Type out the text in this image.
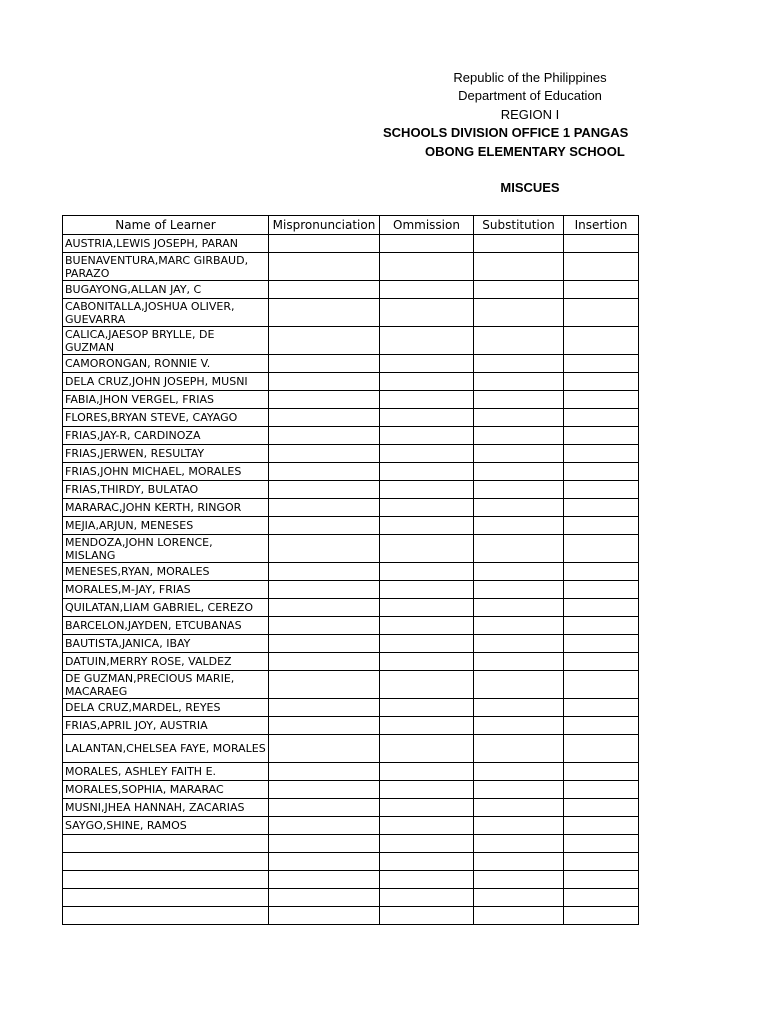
Republic of the Philippines
Department of Education
REGION I
SCHOOLS DIVISION OFFICE 1 PANGAS
OBONG ELEMENTARY SCHOOL
MISCUES
Name of Learner	Mispronunciation	Ommission	Substitution	Insertion
AUSTRIA,LEWIS JOSEPH, PARAN				
BUENAVENTURA,MARC GIRBAUD, PARAZO				
BUGAYONG,ALLAN JAY, C				
CABONITALLA,JOSHUA OLIVER, GUEVARRA				
CALICA,JAESOP BRYLLE, DE GUZMAN				
CAMORONGAN, RONNIE V.				
DELA CRUZ,JOHN JOSEPH, MUSNI				
FABIA,JHON VERGEL, FRIAS				
FLORES,BRYAN STEVE, CAYAGO				
FRIAS,JAY-R, CARDINOZA				
FRIAS,JERWEN, RESULTAY				
FRIAS,JOHN MICHAEL, MORALES				
FRIAS,THIRDY, BULATAO				
MARARAC,JOHN KERTH, RINGOR				
MEJIA,ARJUN, MENESES				
MENDOZA,JOHN LORENCE, MISLANG				
MENESES,RYAN, MORALES				
MORALES,M-JAY, FRIAS				
QUILATAN,LIAM GABRIEL, CEREZO				
BARCELON,JAYDEN, ETCUBANAS				
BAUTISTA,JANICA, IBAY				
DATUIN,MERRY ROSE, VALDEZ				
DE GUZMAN,PRECIOUS MARIE, MACARAEG				
DELA CRUZ,MARDEL, REYES				
FRIAS,APRIL JOY, AUSTRIA				
LALANTAN,CHELSEA FAYE, MORALES				
MORALES, ASHLEY FAITH E.				
MORALES,SOPHIA, MARARAC				
MUSNI,JHEA HANNAH, ZACARIAS				
SAYGO,SHINE, RAMOS				
